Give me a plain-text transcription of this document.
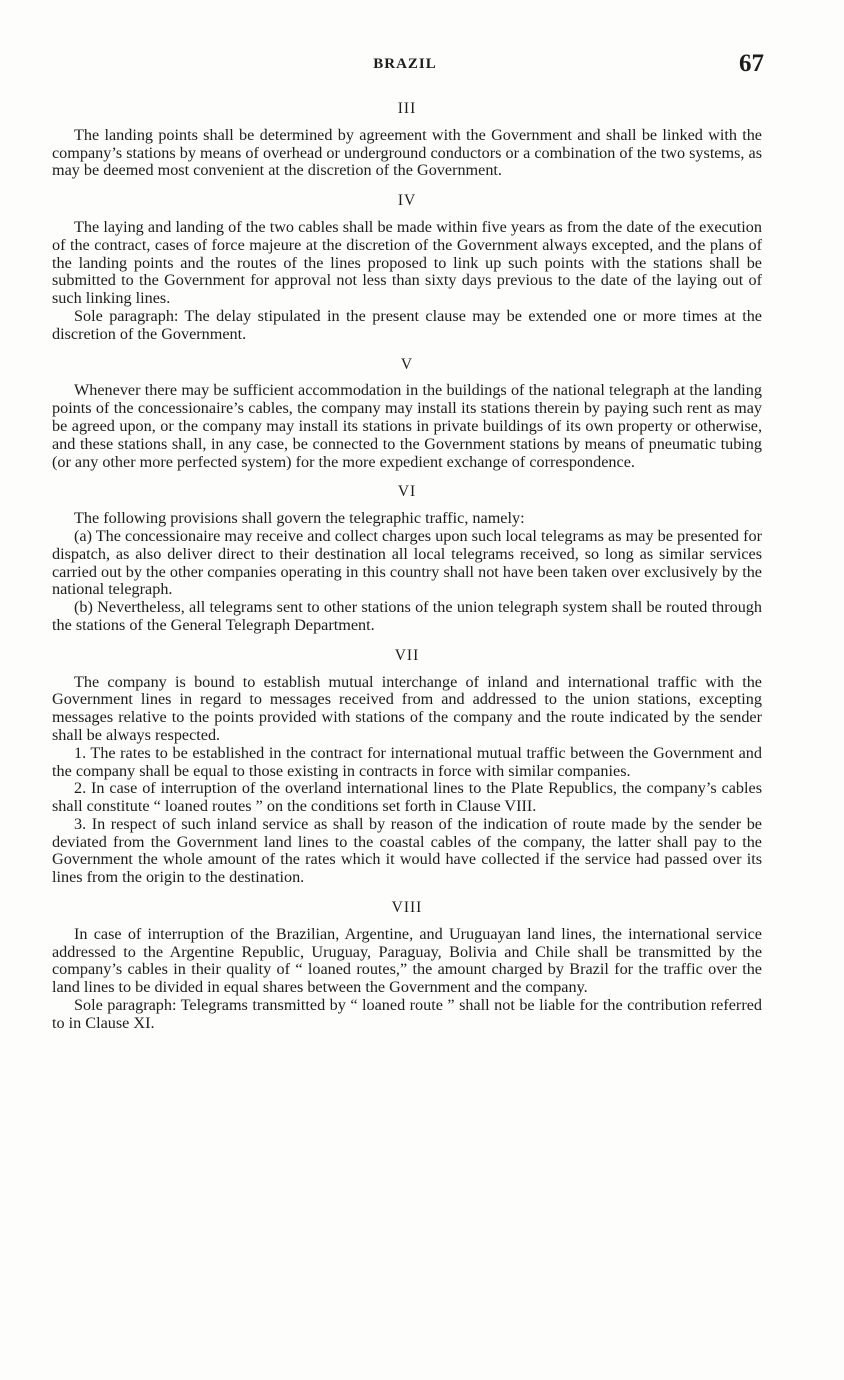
BRAZIL	67
III

The landing points shall be determined by agreement with the Government and shall be linked with the company’s stations by means of overhead or underground conductors or a combination of the two systems, as may be deemed most convenient at the discretion of the Government.

IV

The laying and landing of the two cables shall be made within five years as from the date of the execution of the contract, cases of force majeure at the discretion of the Government always excepted, and the plans of the landing points and the routes of the lines proposed to link up such points with the stations shall be submitted to the Government for approval not less than sixty days previous to the date of the laying out of such linking lines.

Sole paragraph: The delay stipulated in the present clause may be extended one or more times at the discretion of the Government.

V

Whenever there may be sufficient accommodation in the buildings of the national telegraph at the landing points of the concessionaire’s cables, the company may install its stations therein by paying such rent as may be agreed upon, or the company may install its stations in private buildings of its own property or otherwise, and these stations shall, in any case, be connected to the Government stations by means of pneumatic tubing (or any other more perfected system) for the more expedient exchange of correspondence.

VI

The following provisions shall govern the telegraphic traffic, namely:

(a) The concessionaire may receive and collect charges upon such local telegrams as may be presented for dispatch, as also deliver direct to their destination all local telegrams received, so long as similar services carried out by the other companies operating in this country shall not have been taken over exclusively by the national telegraph.

(b) Nevertheless, all telegrams sent to other stations of the union telegraph system shall be routed through the stations of the General Telegraph Department.

VII

The company is bound to establish mutual interchange of inland and international traffic with the Government lines in regard to messages received from and addressed to the union stations, excepting messages relative to the points provided with stations of the company and the route indicated by the sender shall be always respected.

1. The rates to be established in the contract for international mutual traffic between the Government and the company shall be equal to those existing in contracts in force with similar companies.

2. In case of interruption of the overland international lines to the Plate Republics, the company’s cables shall constitute “ loaned routes ” on the conditions set forth in Clause VIII.

3. In respect of such inland service as shall by reason of the indication of route made by the sender be deviated from the Government land lines to the coastal cables of the company, the latter shall pay to the Government the whole amount of the rates which it would have collected if the service had passed over its lines from the origin to the destination.

VIII

In case of interruption of the Brazilian, Argentine, and Uruguayan land lines, the international service addressed to the Argentine Republic, Uruguay, Paraguay, Bolivia and Chile shall be transmitted by the company’s cables in their quality of “ loaned routes,” the amount charged by Brazil for the traffic over the land lines to be divided in equal shares between the Government and the company.

Sole paragraph: Telegrams transmitted by “ loaned route ” shall not be liable for the contribution referred to in Clause XI.
